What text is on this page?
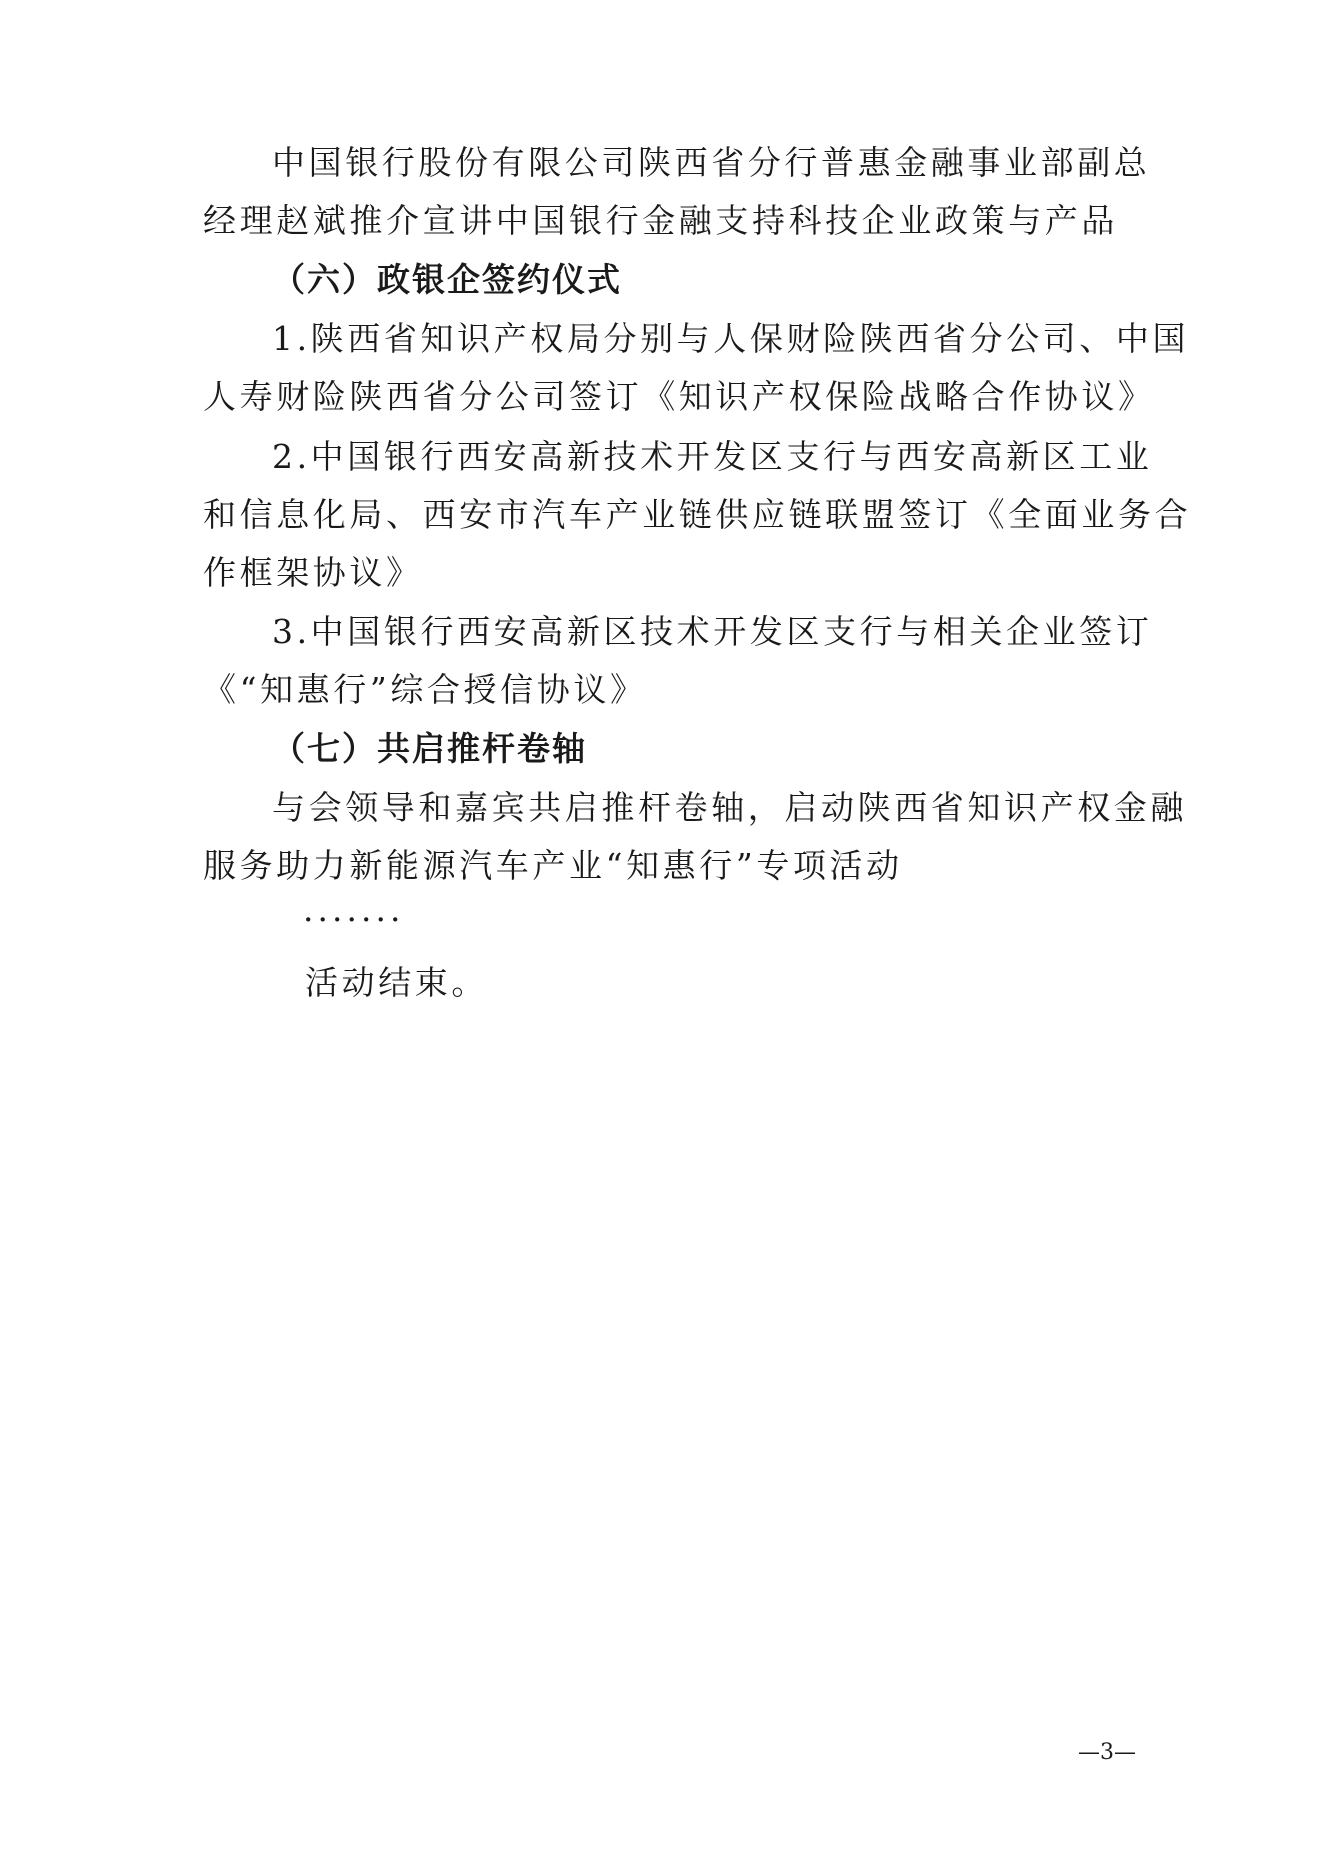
中国银行股份有限公司陕西省分行普惠金融事业部副总
经理赵斌推介宣讲中国银行金融支持科技企业政策与产品
（六）政银企签约仪式
1.陕西省知识产权局分别与人保财险陕西省分公司、中国
人寿财险陕西省分公司签订《知识产权保险战略合作协议》
2.中国银行西安高新技术开发区支行与西安高新区工业
和信息化局、西安市汽车产业链供应链联盟签订《全面业务合
作框架协议》
3.中国银行西安高新区技术开发区支行与相关企业签订
《“知惠行”综合授信协议》
（七）共启推杆卷轴
与会领导和嘉宾共启推杆卷轴，启动陕西省知识产权金融
服务助力新能源汽车产业“知惠行”专项活动
·······
活动结束。
—3—
